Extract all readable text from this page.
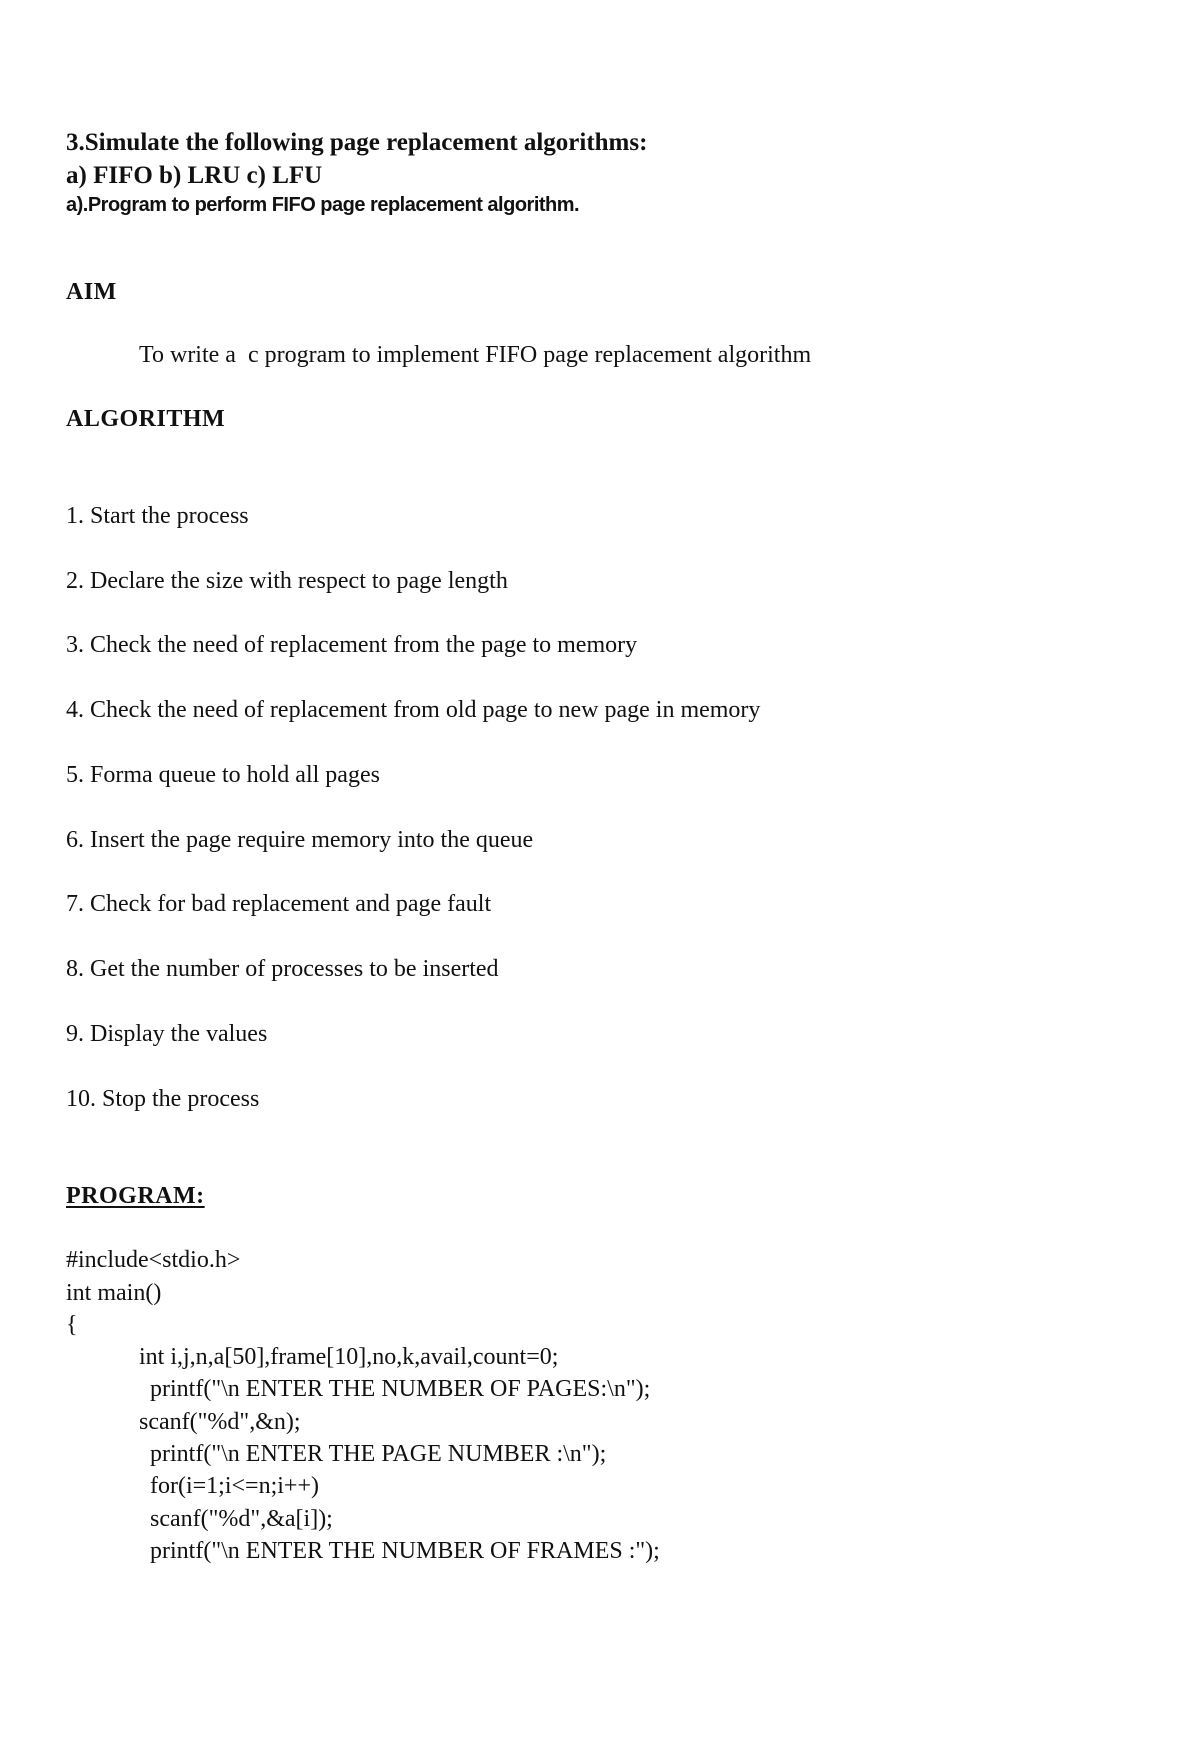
3.Simulate the following page replacement algorithms:
a) FIFO b) LRU c) LFU
a).Program to perform FIFO page replacement algorithm.
AIM
To write a  c program to implement FIFO page replacement algorithm
ALGORITHM
1. Start the process
2. Declare the size with respect to page length
3. Check the need of replacement from the page to memory
4. Check the need of replacement from old page to new page in memory
5. Forma queue to hold all pages
6. Insert the page require memory into the queue
7. Check for bad replacement and page fault
8. Get the number of processes to be inserted
9. Display the values
10. Stop the process
PROGRAM:
#include<stdio.h>
int main()
{
int i,j,n,a[50],frame[10],no,k,avail,count=0;
printf("\n ENTER THE NUMBER OF PAGES:\n");
scanf("%d",&n);
printf("\n ENTER THE PAGE NUMBER :\n");
for(i=1;i<=n;i++)
scanf("%d",&a[i]);
printf("\n ENTER THE NUMBER OF FRAMES :");
